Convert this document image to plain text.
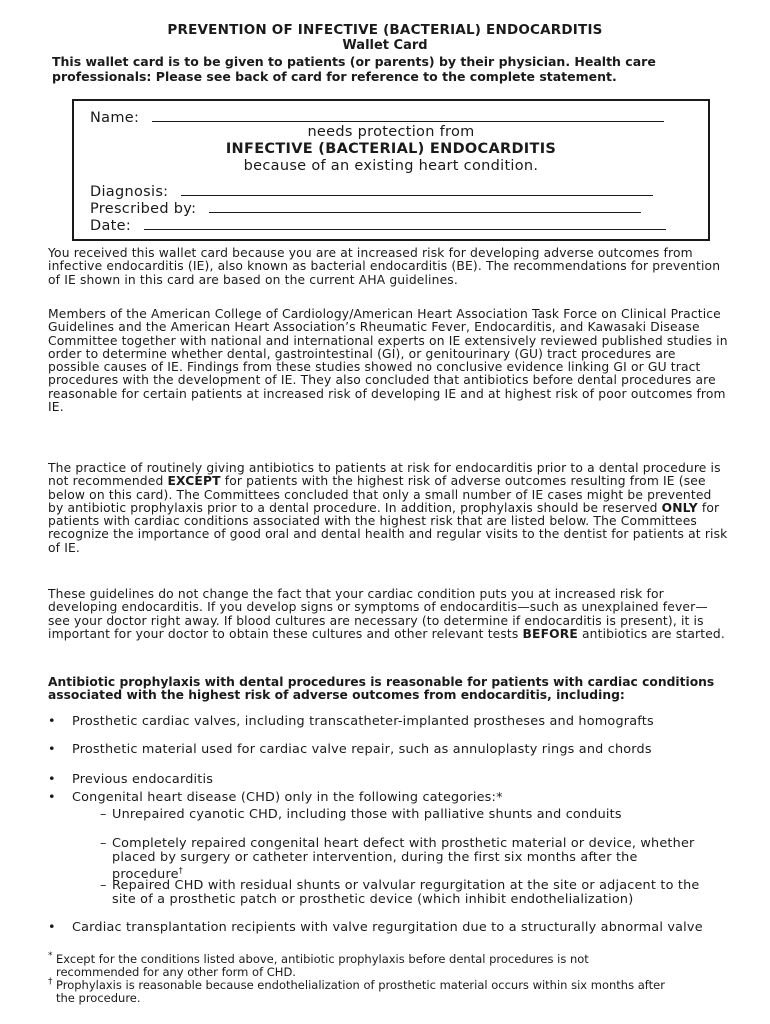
PREVENTION OF INFECTIVE (BACTERIAL) ENDOCARDITIS
Wallet Card
This wallet card is to be given to patients (or parents) by their physician. Health care professionals: Please see back of card for reference to the complete statement.
Name:
needs protection from
INFECTIVE (BACTERIAL) ENDOCARDITIS
because of an existing heart condition.
Diagnosis:
Prescribed by:
Date:
You received this wallet card because you are at increased risk for developing adverse outcomes from infective endocarditis (IE), also known as bacterial endocarditis (BE). The recommendations for prevention of IE shown in this card are based on the current AHA guidelines.
Members of the American College of Cardiology/American Heart Association Task Force on Clinical Practice Guidelines and the American Heart Association’s Rheumatic Fever, Endocarditis, and Kawasaki Disease Committee together with national and international experts on IE extensively reviewed published studies in order to determine whether dental, gastrointestinal (GI), or genitourinary (GU) tract procedures are possible causes of IE. Findings from these studies showed no conclusive evidence linking GI or GU tract procedures with the development of IE. They also concluded that antibiotics before dental procedures are reasonable for certain patients at increased risk of developing IE and at highest risk of poor outcomes from IE.
The practice of routinely giving antibiotics to patients at risk for endocarditis prior to a dental procedure is not recommended EXCEPT for patients with the highest risk of adverse outcomes resulting from IE (see below on this card). The Committees concluded that only a small number of IE cases might be prevented by antibiotic prophylaxis prior to a dental procedure. In addition, prophylaxis should be reserved ONLY for patients with cardiac conditions associated with the highest risk that are listed below. The Committees recognize the importance of good oral and dental health and regular visits to the dentist for patients at risk of IE.
These guidelines do not change the fact that your cardiac condition puts you at increased risk for developing endocarditis. If you develop signs or symptoms of endocarditis—such as unexplained fever—see your doctor right away. If blood cultures are necessary (to determine if endocarditis is present), it is important for your doctor to obtain these cultures and other relevant tests BEFORE antibiotics are started.
Antibiotic prophylaxis with dental procedures is reasonable for patients with cardiac conditions associated with the highest risk of adverse outcomes from endocarditis, including:
•	Prosthetic cardiac valves, including transcatheter-implanted prostheses and homografts
•	Prosthetic material used for cardiac valve repair, such as annuloplasty rings and chords
•	Previous endocarditis
•	Congenital heart disease (CHD) only in the following categories:*
– Unrepaired cyanotic CHD, including those with palliative shunts and conduits
– Completely repaired congenital heart defect with prosthetic material or device, whether placed by surgery or catheter intervention, during the first six months after the procedure†
– Repaired CHD with residual shunts or valvular regurgitation at the site or adjacent to the site of a prosthetic patch or prosthetic device (which inhibit endothelialization)
•	Cardiac transplantation recipients with valve regurgitation due to a structurally abnormal valve
* Except for the conditions listed above, antibiotic prophylaxis before dental procedures is not recommended for any other form of CHD.
† Prophylaxis is reasonable because endothelialization of prosthetic material occurs within six months after the procedure.
